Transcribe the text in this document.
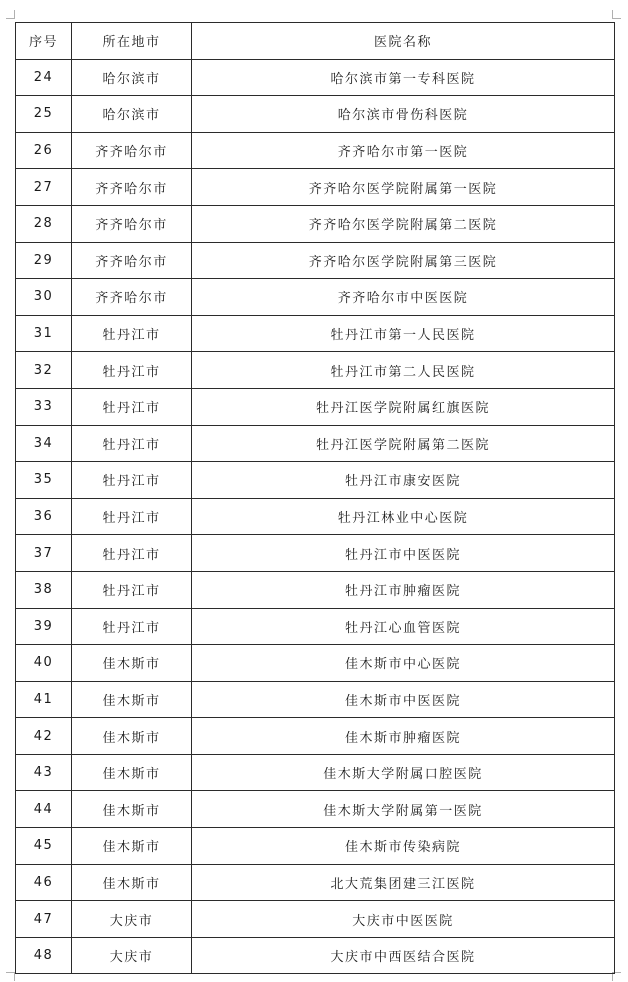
序号	所在地市	医院名称
24	哈尔滨市	哈尔滨市第一专科医院
25	哈尔滨市	哈尔滨市骨伤科医院
26	齐齐哈尔市	齐齐哈尔市第一医院
27	齐齐哈尔市	齐齐哈尔医学院附属第一医院
28	齐齐哈尔市	齐齐哈尔医学院附属第二医院
29	齐齐哈尔市	齐齐哈尔医学院附属第三医院
30	齐齐哈尔市	齐齐哈尔市中医医院
31	牡丹江市	牡丹江市第一人民医院
32	牡丹江市	牡丹江市第二人民医院
33	牡丹江市	牡丹江医学院附属红旗医院
34	牡丹江市	牡丹江医学院附属第二医院
35	牡丹江市	牡丹江市康安医院
36	牡丹江市	牡丹江林业中心医院
37	牡丹江市	牡丹江市中医医院
38	牡丹江市	牡丹江市肿瘤医院
39	牡丹江市	牡丹江心血管医院
40	佳木斯市	佳木斯市中心医院
41	佳木斯市	佳木斯市中医医院
42	佳木斯市	佳木斯市肿瘤医院
43	佳木斯市	佳木斯大学附属口腔医院
44	佳木斯市	佳木斯大学附属第一医院
45	佳木斯市	佳木斯市传染病院
46	佳木斯市	北大荒集团建三江医院
47	大庆市	大庆市中医医院
48	大庆市	大庆市中西医结合医院
